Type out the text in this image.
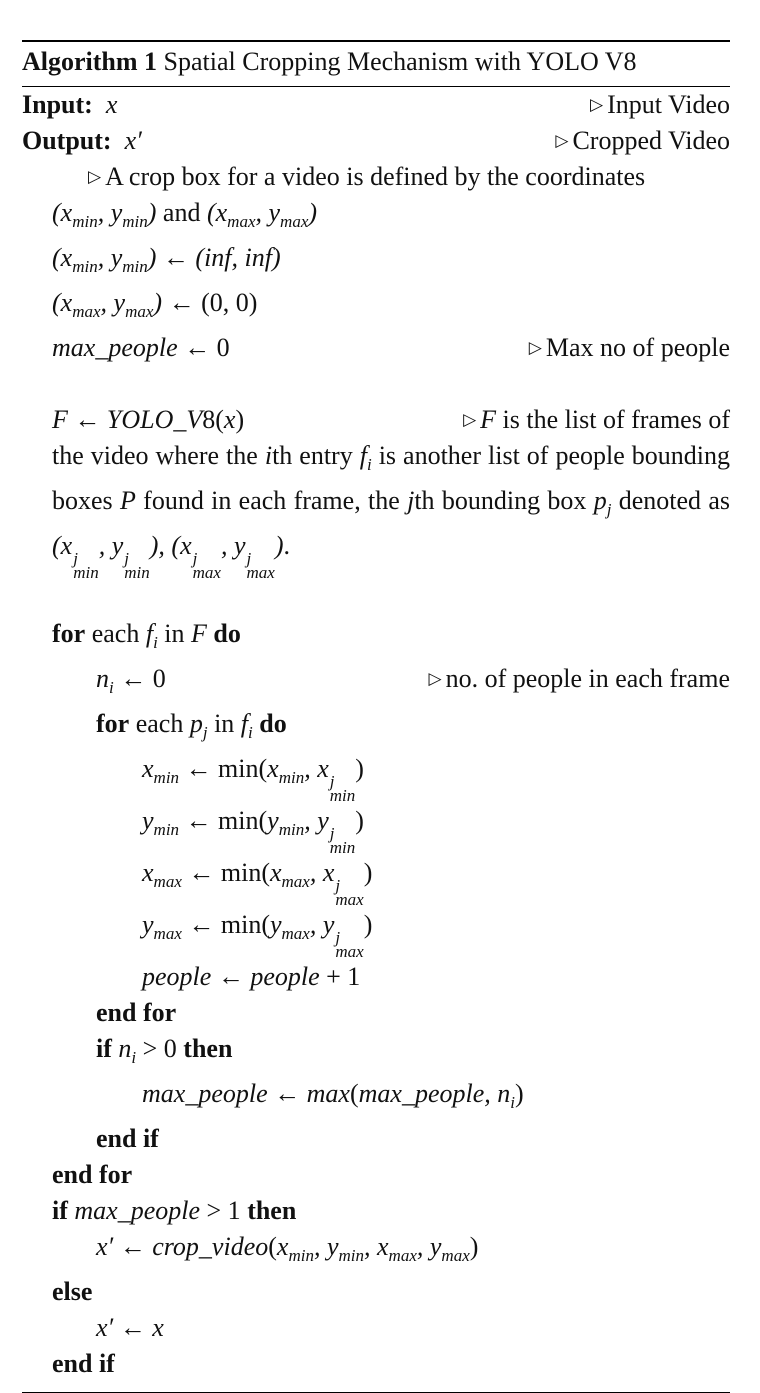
Algorithm 1 Spatial Cropping Mechanism with YOLO V8
Input: x	▷ Input Video
Output: x′	▷ Cropped Video
▷ A crop box for a video is defined by the coordinates
($x_{min}$, $y_{min}$) and ($x_{max}$, $y_{max}$)
($x_{min}$, $y_{min}$) ← (inf, inf)
($x_{max}$, $y_{max}$) ← (0, 0)
max_people ← 0	▷ Max no of people
F ← YOLO_V8(x)	▷ F is the list of frames of
the video where the ith entry $f_i$ is another list of people bounding boxes P found in each frame, the jth bounding box $p_j$ denoted as (x j
min
, y j
min
), (x j
max
, y j
max
).
for each $f_i$ in F do
$n_i$ ← 0	▷ no. of people in each frame
for each $p_j$ in $f_i$ do
$x_{min}$ ← $\min(x_{min}$, x j
min
)
$y_{min}$ ← $\min(y_{min}$, y j
min
)
$x_{max}$ ← $\min(x_{max}$, x j
max
)
$y_{max}$ ← $\min(y_{max}$, y j
max
)
people ← people + 1
end for
if $n_i > 0$ then
max_people ← max(max_people, $n_i$)
end if
end for
if max_people > 1 then
x′ ← $crop\_video(x_{min}$, $y_{min}$, $x_{max}$, $y_{max}$)
else
x′ ← x
end if
